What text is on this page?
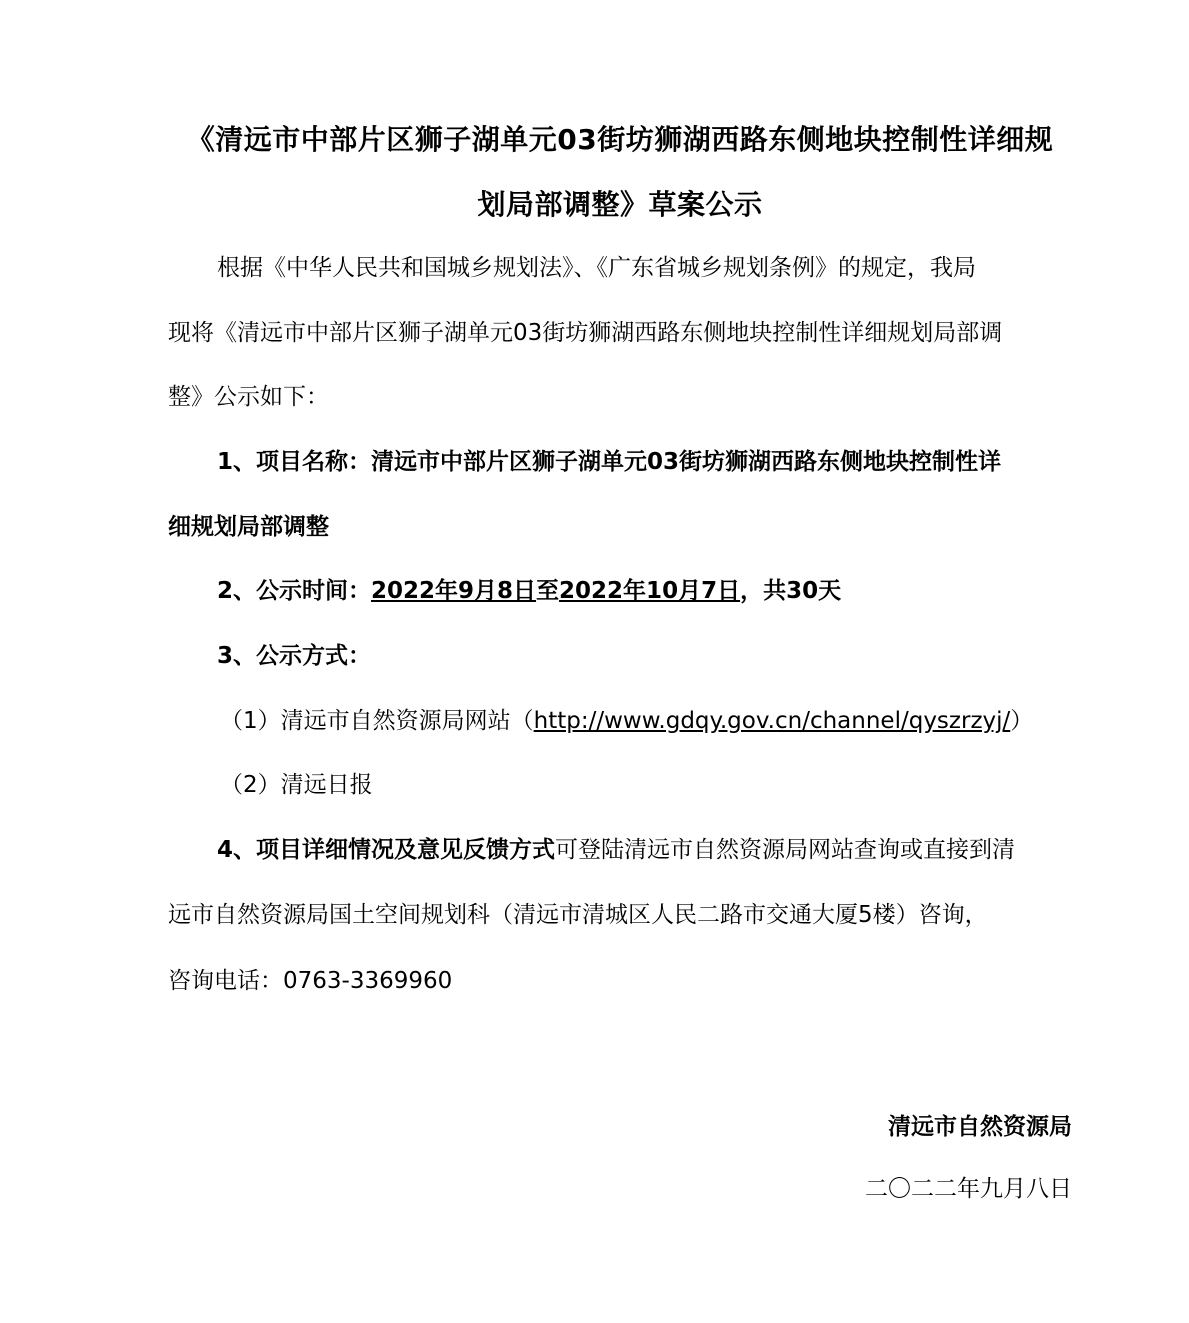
《清远市中部片区狮子湖单元03街坊狮湖西路东侧地块控制性详细规
划局部调整》草案公示
根据《中华人民共和国城乡规划法》、《广东省城乡规划条例》的规定，我局
现将《清远市中部片区狮子湖单元03街坊狮湖西路东侧地块控制性详细规划局部调
整》公示如下：
1、项目名称：清远市中部片区狮子湖单元03街坊狮湖西路东侧地块控制性详
细规划局部调整
2、公示时间：2022年9月8日至2022年10月7日，共30天
3、公示方式：
（1）清远市自然资源局网站（http://www.gdqy.gov.cn/channel/qyszrzyj/）
（2）清远日报
4、项目详细情况及意见反馈方式可登陆清远市自然资源局网站查询或直接到清
远市自然资源局国土空间规划科（清远市清城区人民二路市交通大厦5楼）咨询，
咨询电话：0763-3369960
清远市自然资源局
二〇二二年九月八日
